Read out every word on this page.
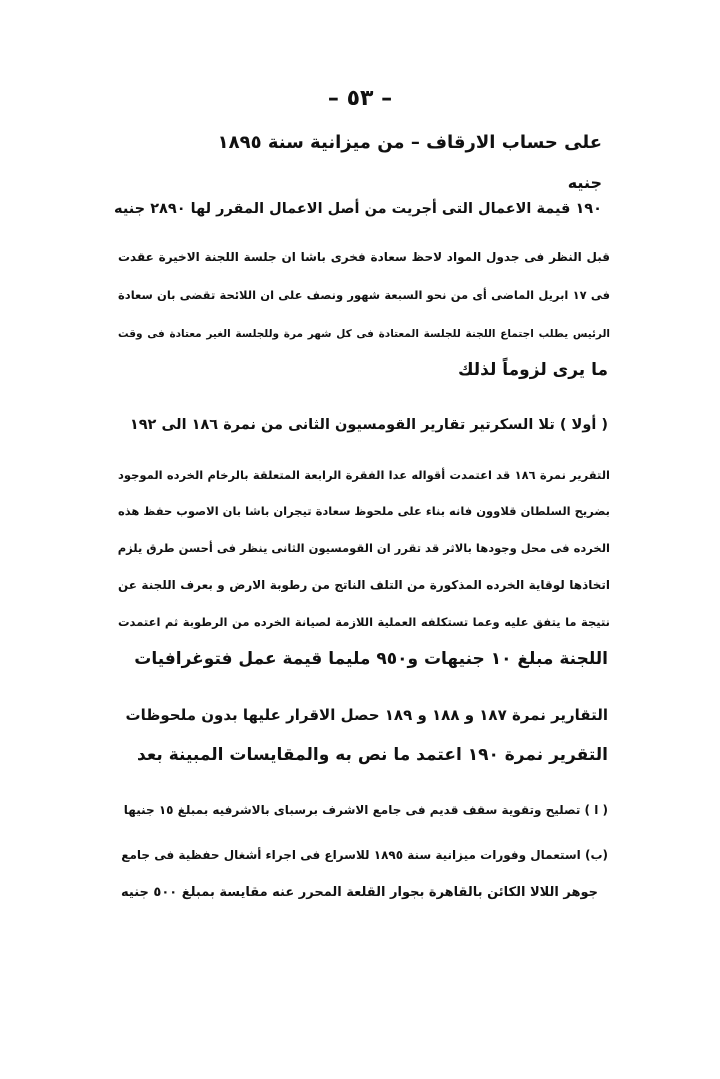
– ٥٣ –
على حساب الارقاف – من ميزانية سنة ١٨٩٥
جنيه
١٩٠ قيمة الاعمال التى أجريت من أصل الاعمال المقرر لها ٢٨٩٠ جنيه
قبل النظر فى جدول المواد لاحظ سعادة فخرى باشا ان جلسة اللجنة الاخيرة عقدت
فى ١٧ ابريل الماضى أى من نحو السبعة شهور ونصف على ان اللائحة تقضى بان سعادة
الرئيس يطلب اجتماع اللجنة للجلسة المعتادة فى كل شهر مرة وللجلسة الغير معتادة فى وقت
ما يرى لزوماً لذلك
( أولا ) تلا السكرتير تقارير القومسيون الثانى من نمرة ١٨٦ الى ١٩٢
التقرير نمرة ١٨٦ قد اعتمدت أقواله عدا الفقرة الرابعة المتعلقة بالرخام الخرده الموجود
بضريح السلطان قلاوون فانه بناء على ملحوظ سعادة تيجران باشا بان الاصوب حفظ هذه
الخرده فى محل وجودها بالاثر قد تقرر ان القومسيون الثانى ينظر فى أحسن طرق يلزم
اتخاذها لوقاية الخرده المذكورة من التلف الناتج من رطوبة الارض و بعرف اللجنة عن
نتيجة ما يتفق عليه وعما تستكلفه العملية اللازمة لصيانة الخرده من الرطوبة ثم اعتمدت
اللجنة مبلغ ١٠ جنيهات و٩٥٠ مليما قيمة عمل فتوغرافيات
التقارير نمرة ١٨٧ و ١٨٨ و ١٨٩ حصل الاقرار عليها بدون ملحوظات
التقرير نمرة ١٩٠ اعتمد ما نص به والمقايسات المبينة بعد
( ا ) تصليح وتقوية سقف قديم فى جامع الاشرف برسباى بالاشرفيه بمبلغ ١٥ جنيها
(ب) استعمال وفورات ميزانية سنة ١٨٩٥ للاسراع فى اجراء أشغال حفظية فى جامع
جوهر اللالا الكائن بالقاهرة بجوار القلعة المحرر عنه مقايسة بمبلغ ٥٠٠ جنيه
